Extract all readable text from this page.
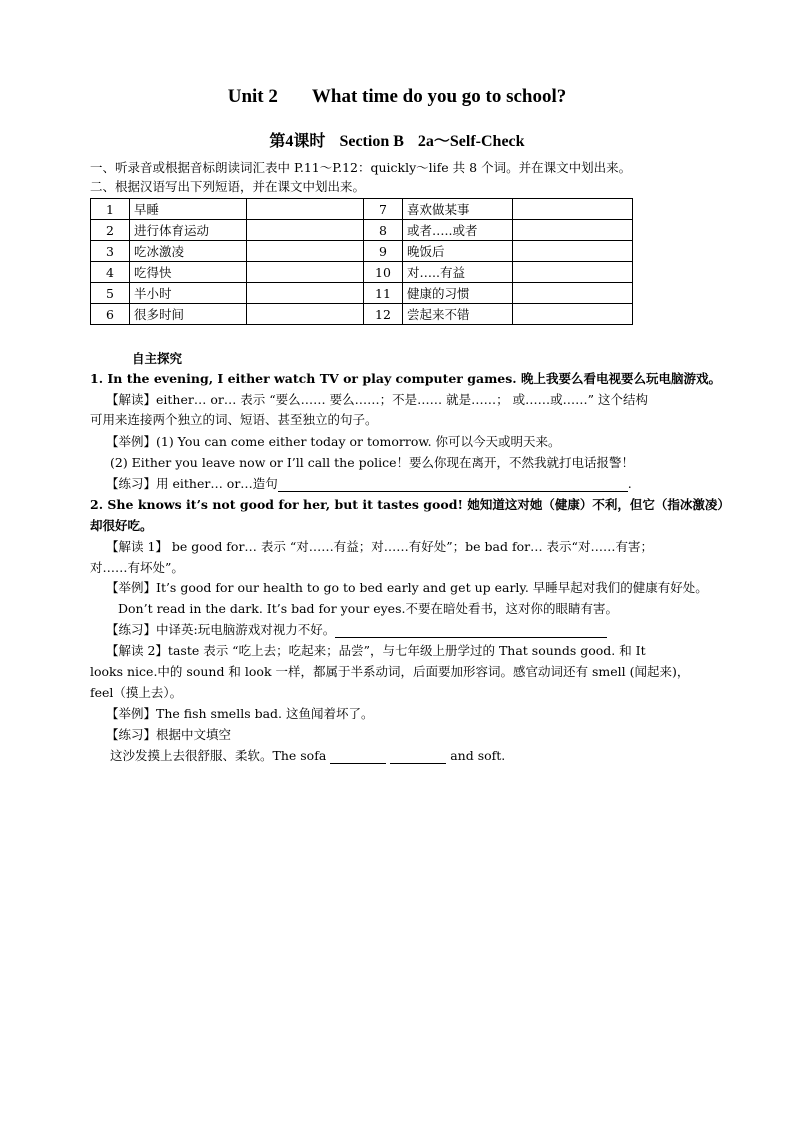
Unit 2 What time do you go to school?
第4课时 Section B 2a～Self-Check
一、听录音或根据音标朗读词汇表中 P.11～P.12：quickly～life 共 8 个词。并在课文中划出来。
二、根据汉语写出下列短语，并在课文中划出来。
1	早睡		7	喜欢做某事	
2	进行体育运动		8	或者…..或者	
3	吃冰激凌		9	晚饭后	
4	吃得快		10	对…..有益	
5	半小时		11	健康的习惯	
6	很多时间		12	尝起来不错	
自主探究
1. In the evening, I either watch TV or play computer games. 晚上我要么看电视要么玩电脑游戏。
【解读】either… or… 表示 “要么…… 要么……；不是…… 就是……； 或……或……” 这个结构
可用来连接两个独立的词、短语、甚至独立的句子。
【举例】(1) You can come either today or tomorrow. 你可以今天或明天来。
(2) Either you leave now or I’ll call the police！要么你现在离开，不然我就打电话报警！
【练习】用 either… or…造句	.
2. She knows it’s not good for her, but it tastes good! 她知道这对她（健康）不利，但它（指冰激凌）
却很好吃。
【解读 1】 be good for… 表示 “对……有益；对……有好处”；be bad for… 表示“对……有害；
对……有坏处”。
【举例】It’s good for our health to go to bed early and get up early. 早睡早起对我们的健康有好处。
Don’t read in the dark. It’s bad for your eyes.不要在暗处看书，这对你的眼睛有害。
【练习】中译英:玩电脑游戏对视力不好。
【解读 2】taste 表示 “吃上去；吃起来；品尝”，与七年级上册学过的 That sounds good. 和 It
looks nice.中的 sound 和 look 一样，都属于半系动词，后面要加形容词。感官动词还有 smell (闻起来)，
feel（摸上去）。
【举例】The fish smells bad. 这鱼闻着坏了。
【练习】根据中文填空
这沙发摸上去很舒服、柔软。The sofa	and soft.
